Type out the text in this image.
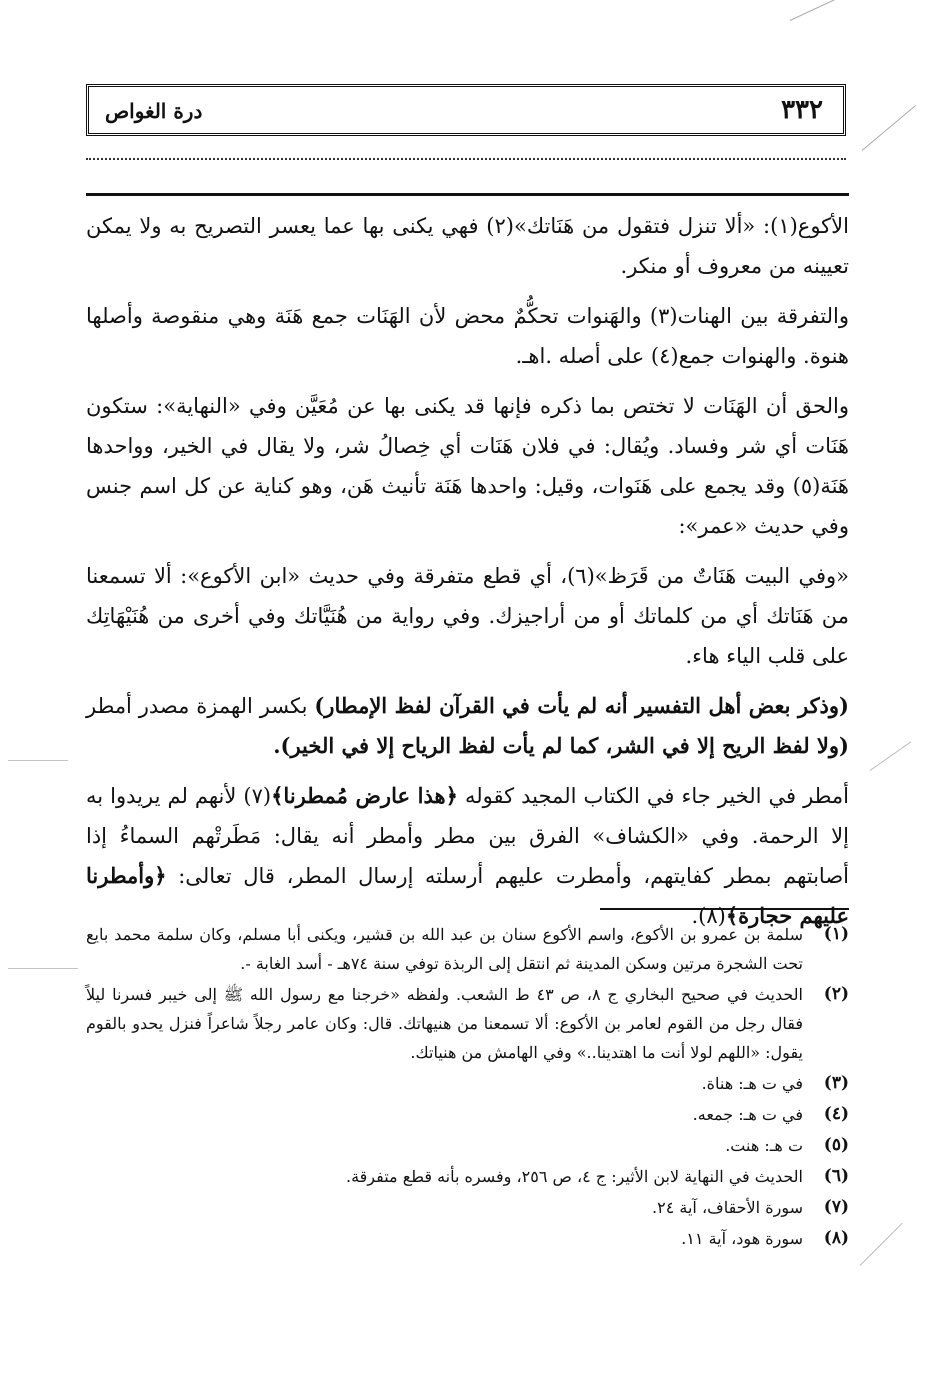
٣٣٢
درة الغواص

الأكوع(١): «ألا تنزل فتقول من هَنَاتك»(٢) فهي يكنى بها عما يعسر التصريح به ولا يمكن تعيينه من معروف أو منكر.

والتفرقة بين الهنات(٣) والهَنوات تحكُّمٌ محض لأن الهَنَات جمع هَنَة وهي منقوصة وأصلها هنوة. والهنوات جمع(٤) على أصله .اهـ.

والحق أن الهَنَات لا تختص بما ذكره فإنها قد يكنى بها عن مُعَيَّن وفي «النهاية»: ستكون هَنَات أي شر وفساد. ويُقال: في فلان هَنَات أي خِصالُ شر، ولا يقال في الخير، وواحدها هَنَة(٥) وقد يجمع على هَنَوات، وقيل: واحدها هَنَة تأنيث هَن، وهو كناية عن كل اسم جنس وفي حديث «عمر»:

«وفي البيت هَنَاتٌ من قَرَظ»(٦)، أي قطع متفرقة وفي حديث «ابن الأكوع»: ألا تسمعنا من هَنَاتك أي من كلماتك أو من أراجيزك. وفي رواية من هُنَيَّاتك وفي أخرى من هُنَيْهَاتِك على قلب الياء هاء.

(وذكر بعض أهل التفسير أنه لم يأت في القرآن لفظ الإمطار) بكسر الهمزة مصدر أمطر (ولا لفظ الريح إلا في الشر، كما لم يأت لفظ الرياح إلا في الخير).

أمطر في الخير جاء في الكتاب المجيد كقوله ﴿هذا عارض مُمطرنا﴾(٧) لأنهم لم يريدوا به إلا الرحمة. وفي «الكشاف» الفرق بين مطر وأمطر أنه يقال: مَطَرتْهم السماءُ إذا أصابتهم بمطر كفايتهم، وأمطرت عليهم أرسلته إرسال المطر، قال تعالى: ﴿وأمطرنا عليهم حجارة﴾(٨).

(١)
سلمة بن عمرو بن الأكوع، واسم الأكوع سنان بن عبد الله بن قشير، ويكنى أبا مسلم، وكان سلمة محمد بايع تحت الشجرة مرتين وسكن المدينة ثم انتقل إلى الربذة توفي سنة ٧٤هـ - أسد الغابة -.
(٢)
الحديث في صحيح البخاري ج ٨، ص ٤٣ ط الشعب. ولفظه «خرجنا مع رسول الله ﷺ إلى خيبر فسرنا ليلاً فقال رجل من القوم لعامر بن الأكوع: ألا تسمعنا من هنيهاتك. قال: وكان عامر رجلاً شاعراً فنزل يحدو بالقوم يقول: «اللهم لولا أنت ما اهتدينا..» وفي الهامش من هنياتك.
(٣)
في ت هـ: هناة.
(٤)
في ت هـ: جمعه.
(٥)
ت هـ: هنت.
(٦)
الحديث في النهاية لابن الأثير: ج ٤، ص ٢٥٦، وفسره بأنه قطع متفرقة.
(٧)
سورة الأحقاف، آية ٢٤.
(٨)
سورة هود، آية ١١.
